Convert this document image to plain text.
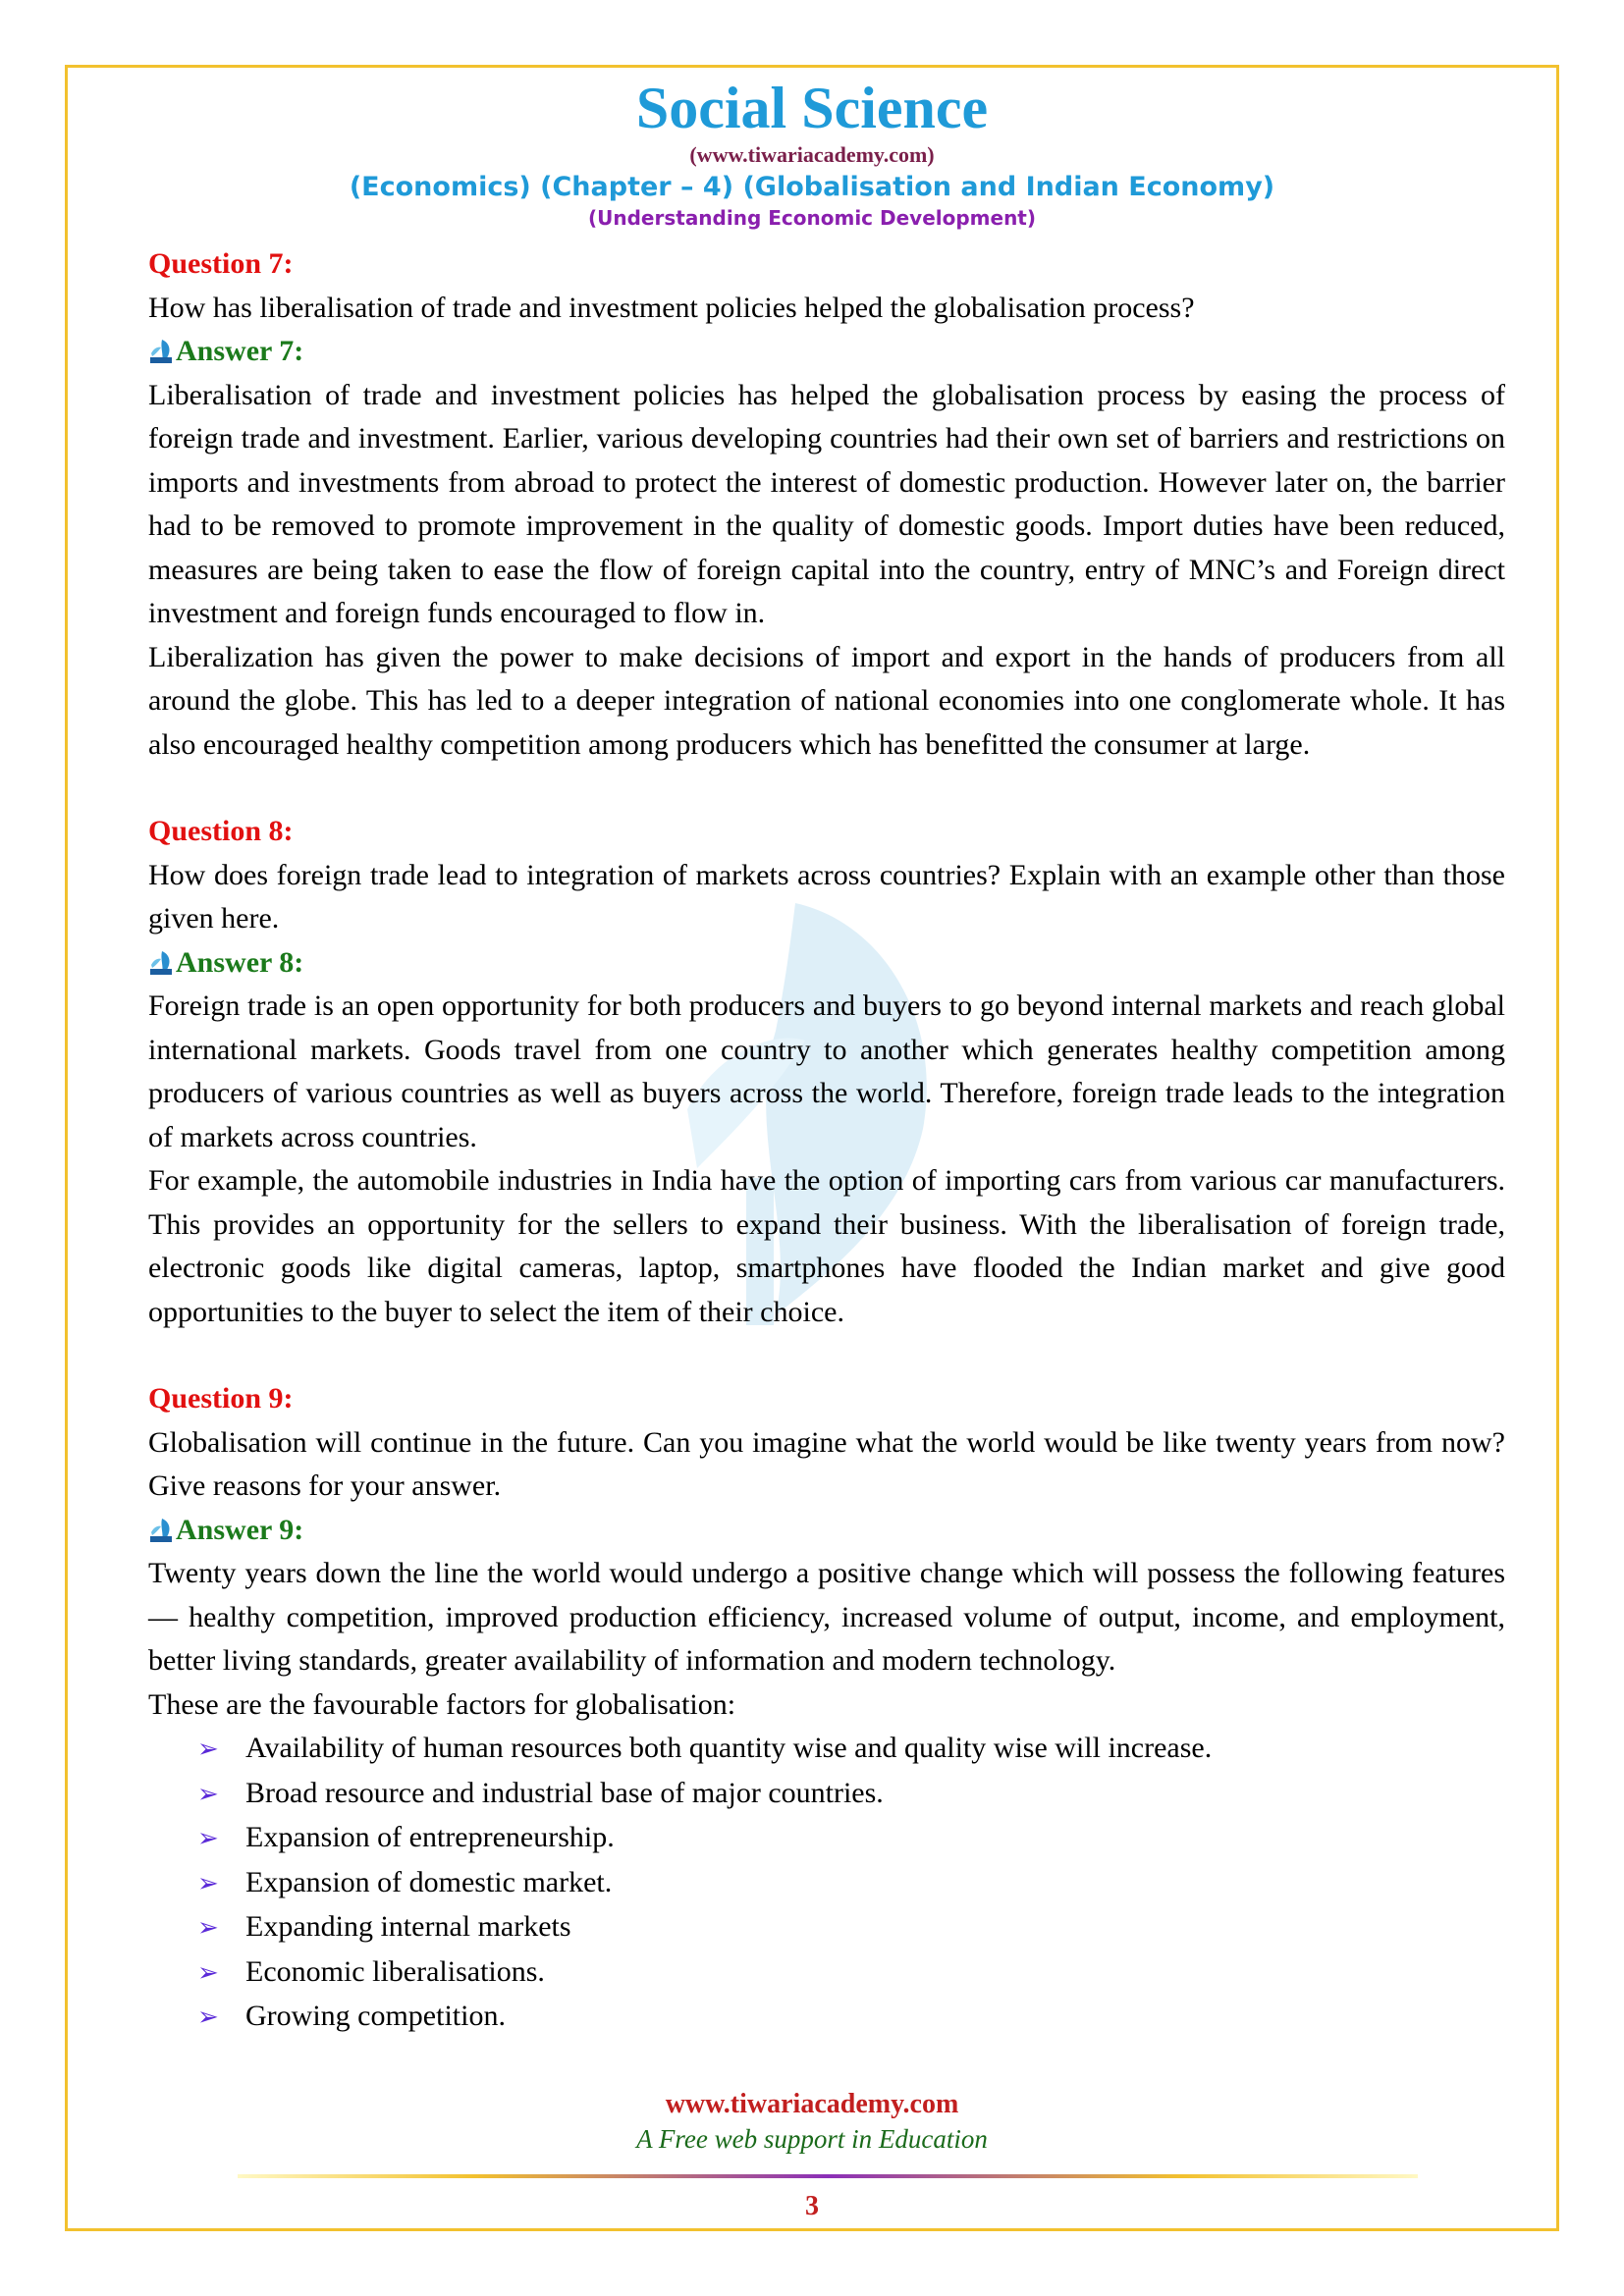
Social Science
(www.tiwariacademy.com)
(Economics) (Chapter – 4) (Globalisation and Indian Economy)
(Understanding Economic Development)
Question 7:
How has liberalisation of trade and investment policies helped the globalisation process?
Answer 7:
Liberalisation of trade and investment policies has helped the globalisation process by easing the process of foreign trade and investment. Earlier, various developing countries had their own set of barriers and restrictions on imports and investments from abroad to protect the interest of domestic production. However later on, the barrier had to be removed to promote improvement in the quality of domestic goods. Import duties have been reduced, measures are being taken to ease the flow of foreign capital into the country, entry of MNC’s and Foreign direct investment and foreign funds encouraged to flow in.
Liberalization has given the power to make decisions of import and export in the hands of producers from all around the globe. This has led to a deeper integration of national economies into one conglomerate whole. It has also encouraged healthy competition among producers which has benefitted the consumer at large.
Question 8:
How does foreign trade lead to integration of markets across countries? Explain with an example other than those given here.
Answer 8:
Foreign trade is an open opportunity for both producers and buyers to go beyond internal markets and reach global international markets. Goods travel from one country to another which generates healthy competition among producers of various countries as well as buyers across the world. Therefore, foreign trade leads to the integration of markets across countries.
For example, the automobile industries in India have the option of importing cars from various car manufacturers. This provides an opportunity for the sellers to expand their business. With the liberalisation of foreign trade, electronic goods like digital cameras, laptop, smartphones have flooded the Indian market and give good opportunities to the buyer to select the item of their choice.
Question 9:
Globalisation will continue in the future. Can you imagine what the world would be like twenty years from now? Give reasons for your answer.
Answer 9:
Twenty years down the line the world would undergo a positive change which will possess the following features— healthy competition, improved production efficiency, increased volume of output, income, and employment, better living standards, greater availability of information and modern technology.
These are the favourable factors for globalisation:
➢ Availability of human resources both quantity wise and quality wise will increase.
➢ Broad resource and industrial base of major countries.
➢ Expansion of entrepreneurship.
➢ Expansion of domestic market.
➢ Expanding internal markets
➢ Economic liberalisations.
➢ Growing competition.
www.tiwariacademy.com
A Free web support in Education
3
